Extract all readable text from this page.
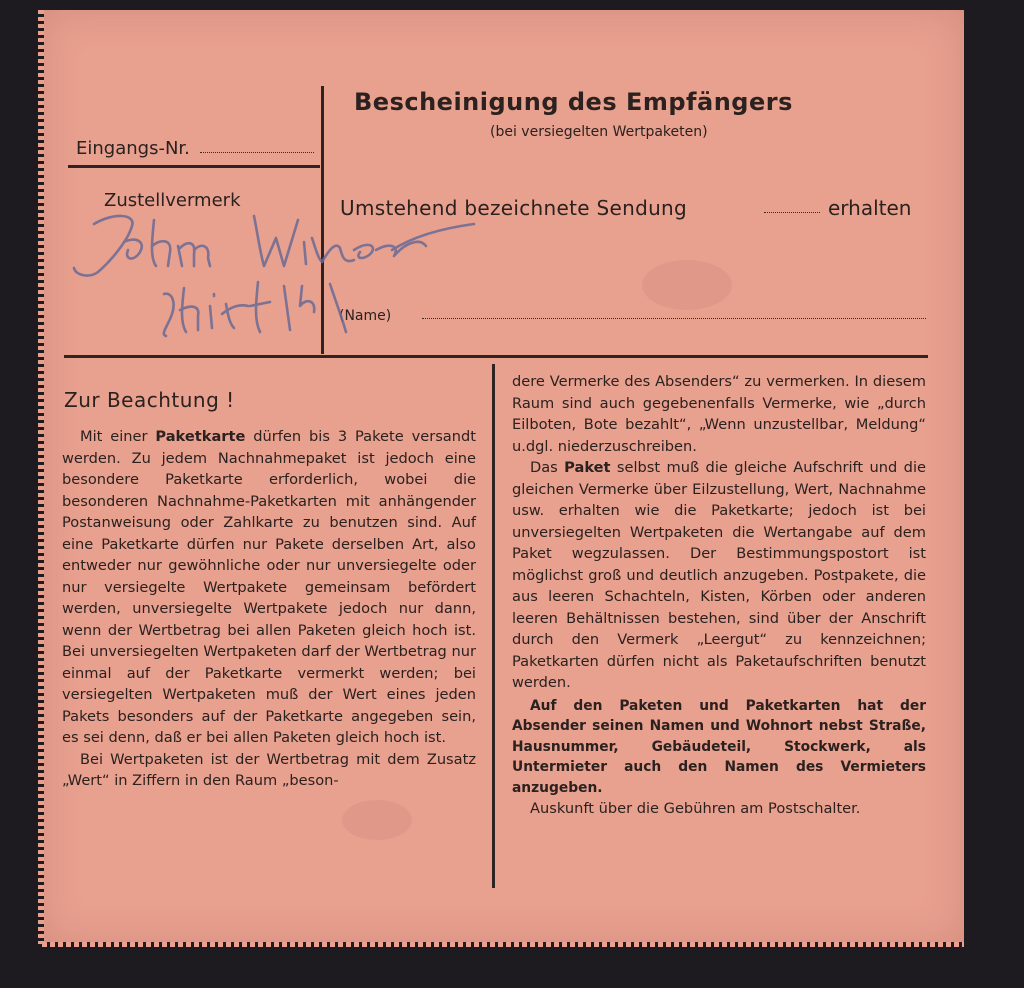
Bescheinigung des Empfängers
(bei versiegelten Wertpaketen)
Eingangs-Nr.
Zustellvermerk	Umstehend bezeichnete Sendung	erhalten
(Name)
Zur Beachtung !

Mit einer Paketkarte dürfen bis 3 Pakete versandt werden. Zu jedem Nachnahmepaket ist jedoch eine besondere Paketkarte erforderlich, wobei die besonderen Nachnahme-Paketkarten mit anhängender Postanweisung oder Zahlkarte zu benutzen sind. Auf eine Paketkarte dürfen nur Pakete derselben Art, also entweder nur gewöhnliche oder nur unversiegelte oder nur versiegelte Wertpakete gemeinsam befördert werden, unversiegelte Wertpakete jedoch nur dann, wenn der Wertbetrag bei allen Paketen gleich hoch ist. Bei unversiegelten Wertpaketen darf der Wertbetrag nur einmal auf der Paketkarte vermerkt werden; bei versiegelten Wertpaketen muß der Wert eines jeden Pakets besonders auf der Paketkarte angegeben sein, es sei denn, daß er bei allen Paketen gleich hoch ist.

Bei Wertpaketen ist der Wertbetrag mit dem Zusatz „Wert“ in Ziffern in den Raum „beson-

dere Vermerke des Absenders“ zu vermerken. In diesem Raum sind auch gegebenenfalls Vermerke, wie „durch Eilboten, Bote bezahlt“, „Wenn unzustellbar, Meldung“ u.dgl. niederzuschreiben.

Das Paket selbst muß die gleiche Aufschrift und die gleichen Vermerke über Eilzustellung, Wert, Nachnahme usw. erhalten wie die Paketkarte; jedoch ist bei unversiegelten Wertpaketen die Wertangabe auf dem Paket wegzulassen. Der Bestimmungspostort ist möglichst groß und deutlich anzugeben. Postpakete, die aus leeren Schachteln, Kisten, Körben oder anderen leeren Behältnissen bestehen, sind über der Anschrift durch den Vermerk „Leergut“ zu kennzeichnen; Paketkarten dürfen nicht als Paketaufschriften benutzt werden.

Auf den Paketen und Paketkarten hat der Absender seinen Namen und Wohnort nebst Straße, Hausnummer, Gebäudeteil, Stockwerk, als Untermieter auch den Namen des Vermieters anzugeben.

Auskunft über die Gebühren am Postschalter.
